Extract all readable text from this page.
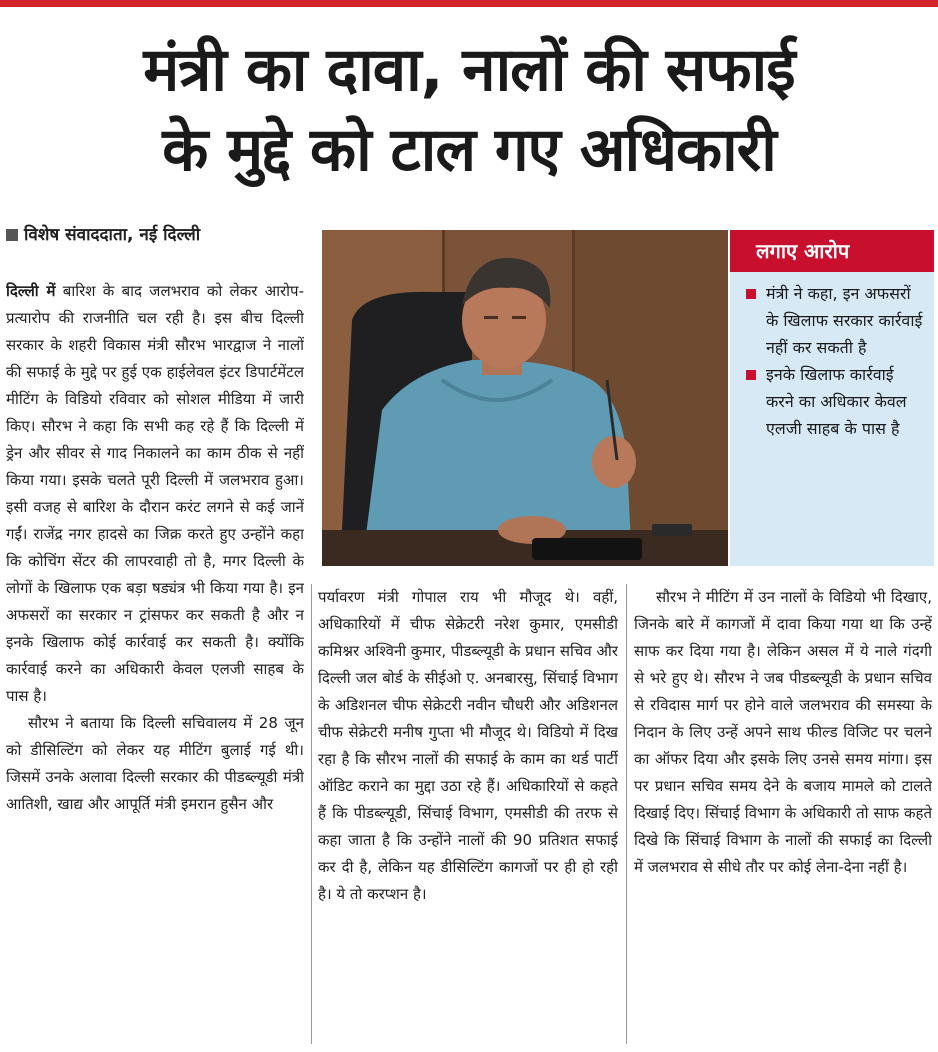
मंत्री का दावा, नालों की सफाई
के मुद्दे को टाल गए अधिकारी
विशेष संवाददाता, नई दिल्ली
लगाए आरोप
मंत्री ने कहा, इन अफसरों के खिलाफ सरकार कार्रवाई नहीं कर सकती है
इनके खिलाफ कार्रवाई करने का अधिकार केवल एलजी साहब के पास है

दिल्ली में बारिश के बाद जलभराव को लेकर आरोप-प्रत्यारोप की राजनीति चल रही है। इस बीच दिल्ली सरकार के शहरी विकास मंत्री सौरभ भारद्वाज ने नालों की सफाई के मुद्दे पर हुई एक हाईलेवल इंटर डिपार्टमेंटल मीटिंग के विडियो रविवार को सोशल मीडिया में जारी किए। सौरभ ने कहा कि सभी कह रहे हैं कि दिल्ली में ड्रेन और सीवर से गाद निकालने का काम ठीक से नहीं किया गया। इसके चलते पूरी दिल्ली में जलभराव हुआ। इसी वजह से बारिश के दौरान करंट लगने से कई जानें गईं। राजेंद्र नगर हादसे का जिक्र करते हुए उन्होंने कहा कि कोचिंग सेंटर की लापरवाही तो है, मगर दिल्ली के लोगों के खिलाफ एक बड़ा षड्यंत्र भी किया गया है। इन अफसरों का सरकार न ट्रांसफर कर सकती है और न इनके खिलाफ कोई कार्रवाई कर सकती है। क्योंकि कार्रवाई करने का अधिकारी केवल एलजी साहब के पास है।

सौरभ ने बताया कि दिल्ली सचिवालय में 28 जून को डीसिल्टिंग को लेकर यह मीटिंग बुलाई गई थी। जिसमें उनके अलावा दिल्ली सरकार की पीडब्ल्यूडी मंत्री आतिशी, खाद्य और आपूर्ति मंत्री इमरान हुसैन और

पर्यावरण मंत्री गोपाल राय भी मौजूद थे। वहीं, अधिकारियों में चीफ सेक्रेटरी नरेश कुमार, एमसीडी कमिश्नर अश्विनी कुमार, पीडब्ल्यूडी के प्रधान सचिव और दिल्ली जल बोर्ड के सीईओ ए. अनबारसु, सिंचाई विभाग के अडिशनल चीफ सेक्रेटरी नवीन चौधरी और अडिशनल चीफ सेक्रेटरी मनीष गुप्ता भी मौजूद थे। विडियो में दिख रहा है कि सौरभ नालों की सफाई के काम का थर्ड पार्टी ऑडिट कराने का मुद्दा उठा रहे हैं। अधिकारियों से कहते हैं कि पीडब्ल्यूडी, सिंचाई विभाग, एमसीडी की तरफ से कहा जाता है कि उन्होंने नालों की 90 प्रतिशत सफाई कर दी है, लेकिन यह डीसिल्टिंग कागजों पर ही हो रही है। ये तो करप्शन है।

सौरभ ने मीटिंग में उन नालों के विडियो भी दिखाए, जिनके बारे में कागजों में दावा किया गया था कि उन्हें साफ कर दिया गया है। लेकिन असल में ये नाले गंदगी से भरे हुए थे। सौरभ ने जब पीडब्ल्यूडी के प्रधान सचिव से रविदास मार्ग पर होने वाले जलभराव की समस्या के निदान के लिए उन्हें अपने साथ फील्ड विजिट पर चलने का ऑफर दिया और इसके लिए उनसे समय मांगा। इस पर प्रधान सचिव समय देने के बजाय मामले को टालते दिखाई दिए। सिंचाई विभाग के अधिकारी तो साफ कहते दिखे कि सिंचाई विभाग के नालों की सफाई का दिल्ली में जलभराव से सीधे तौर पर कोई लेना-देना नहीं है।
